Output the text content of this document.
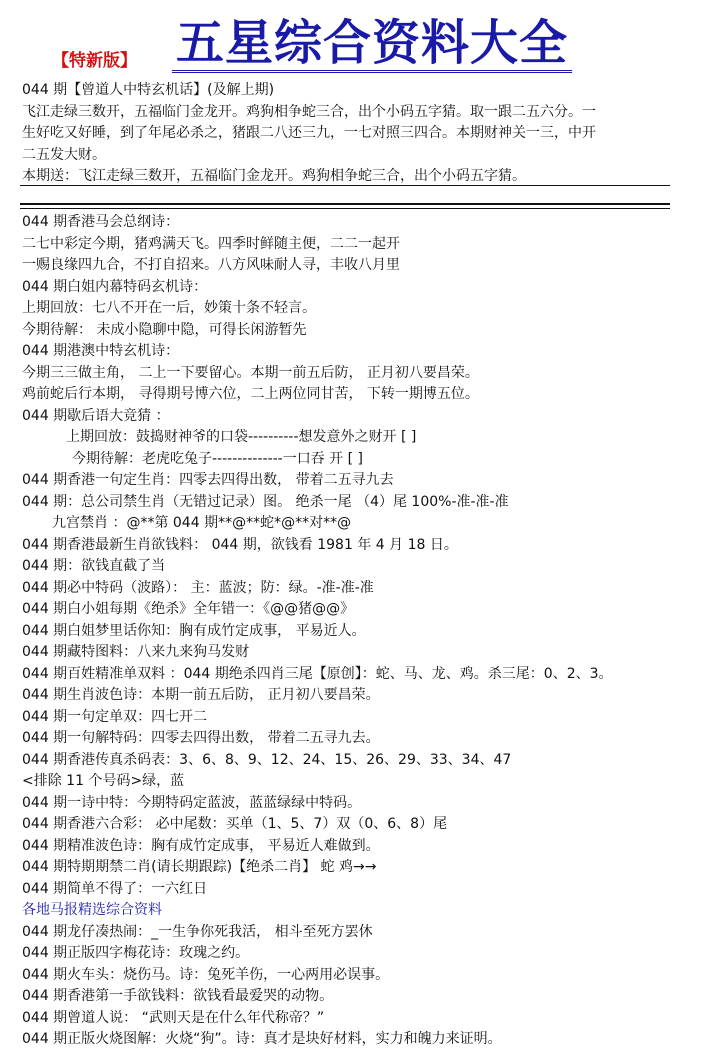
【特新版】 五星综合资料大全
044 期【曾道人中特玄机话】(及解上期)
飞江走绿三数开，五福临门金龙开。鸡狗相争蛇三合，出个小码五字猜。取一跟二五六分。一
生好吃又好睡，到了年尾必杀之，猪跟二八还三九，一七对照三四合。本期财神关一三，中开
二五发大财。
本期送：飞江走绿三数开，五福临门金龙开。鸡狗相争蛇三合，出个小码五字猜。
044 期香港马会总纲诗：
二七中彩定今期，猪鸡满天飞。四季时鲜随主便，二二一起开
一赐良缘四九合，不打自招来。八方风味耐人寻，丰收八月里
044 期白姐内幕特码玄机诗：
上期回放：七八不开在一后，妙策十条不轻言。
今期待解： 未成小隐聊中隐，可得长闲游暂先
044 期港澳中特玄机诗：
今期三三做主角， 二上一下要留心。本期一前五后防， 正月初八要昌荣。
鸡前蛇后行本期， 寻得期号博六位，二上两位同甘苦， 下转一期博五位。
044 期歇后语大竞猜 ：
上期回放：鼓捣财神爷的口袋----------想发意外之财开 [ ]
今期待解：老虎吃兔子--------------一口吞 开 [ ]
044 期香港一句定生肖：四零去四得出数， 带着二五寻九去
044 期：总公司禁生肖（无错过记录）图。 绝杀一尾 （4）尾 100%-准-准-准
九宫禁肖 ：@**第 044 期**@**蛇*@**对**@
044 期香港最新生肖欲钱料： 044 期，欲钱看 1981 年 4 月 18 日。
044 期：欲钱直截了当
044 期必中特码（波路）： 主：蓝波；防：绿。-准-准-准
044 期白小姐每期《绝杀》全年错一：《@@猪@@》
044 期白姐梦里话你知：胸有成竹定成事， 平易近人。
044 期藏特图料：八来九来狗马发财
044 期百姓精准单双料 ：044 期绝杀四肖三尾【原创】：蛇、马、龙、鸡。杀三尾：0、2、3。
044 期生肖波色诗：本期一前五后防， 正月初八要昌荣。
044 期一句定单双：四七开二
044 期一句解特码：四零去四得出数， 带着二五寻九去。
044 期香港传真杀码表：3、6、8、9、12、24、15、26、29、33、34、47
<排除 11 个号码>绿，蓝
044 期一诗中特：今期特码定蓝波，蓝蓝绿绿中特码。
044 期香港六合彩： 必中尾数：买单（1、5、7）双（0、6、8）尾
044 期精准波色诗：胸有成竹定成事， 平易近人难做到。
044 期特期期禁二肖(请长期跟踪)【绝杀二肖】 蛇 鸡→→
044 期简单不得了：一六红日
各地马报精选综合资料
044 期龙仔凑热闹：_一生争你死我活， 相斗至死方罢休
044 期正版四字梅花诗：玫瑰之约。
044 期火车头：烧伤马。诗：兔死羊伤，一心两用必误事。
044 期香港第一手欲钱料：欲钱看最爱哭的动物。
044 期曾道人说： “武则天是在什么年代称帝？”
044 期正版火烧图解：火烧“狗”。诗：真才是块好材料，实力和魄力来证明。
